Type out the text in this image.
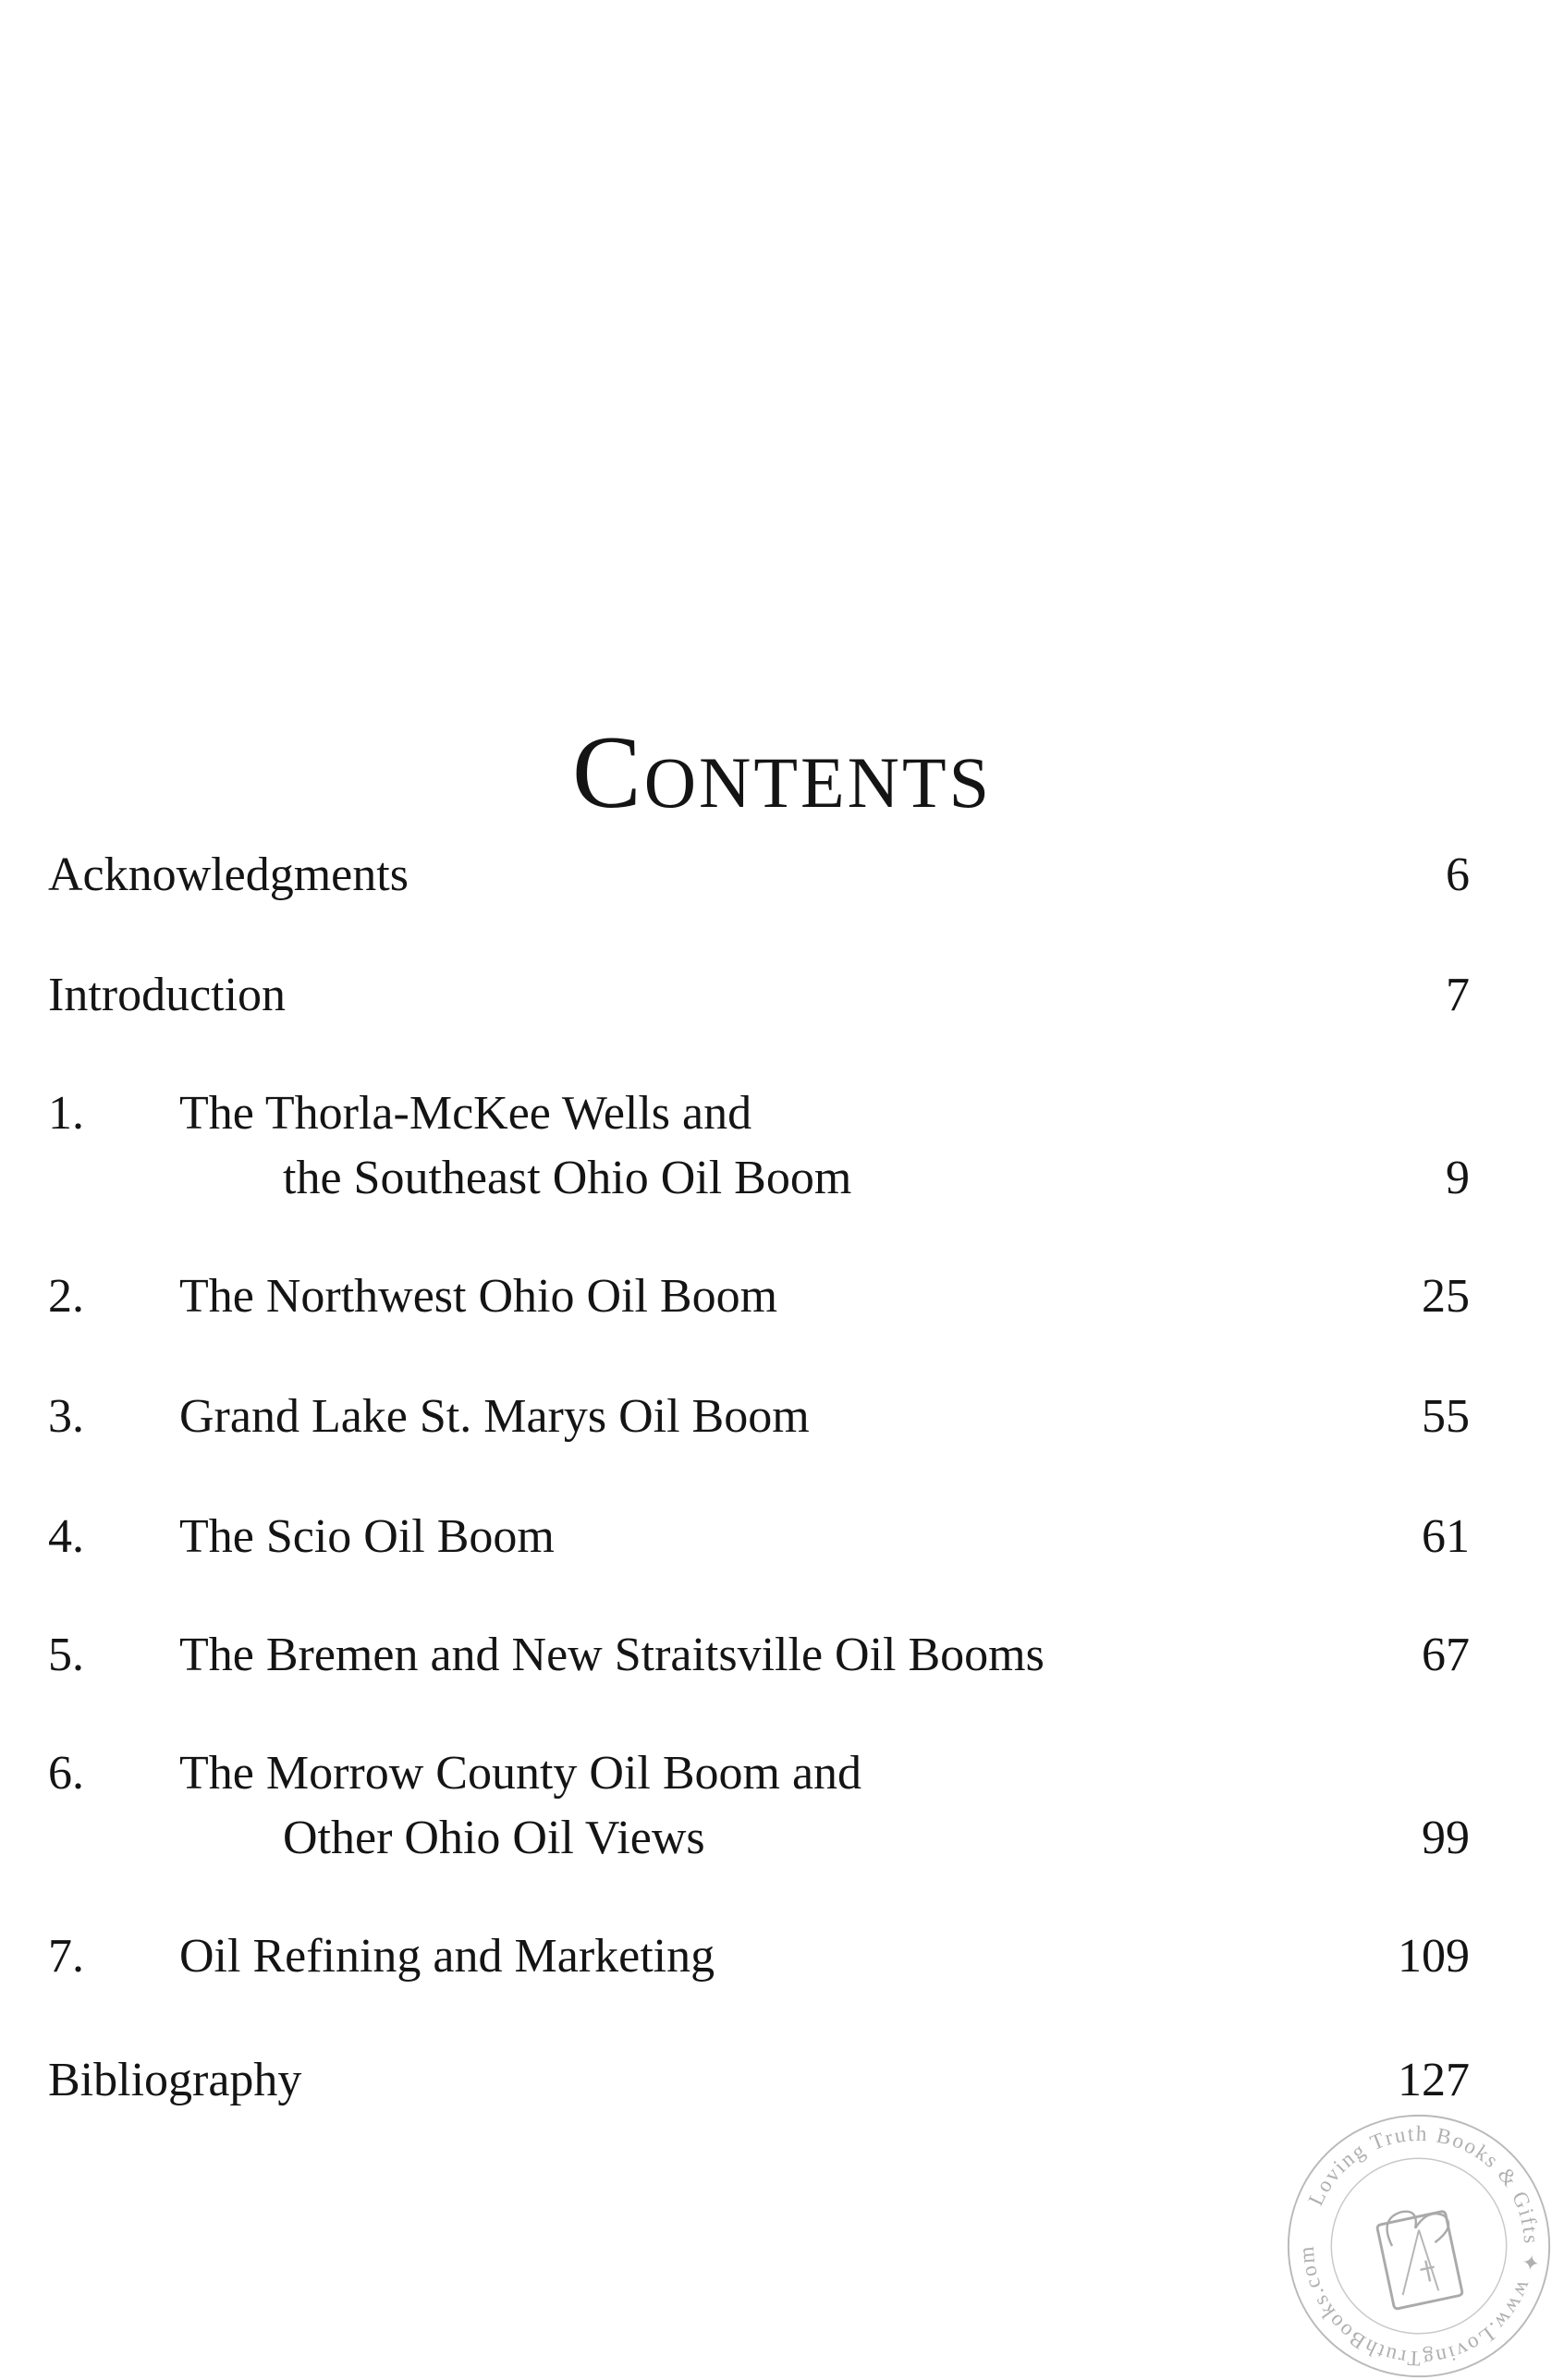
Contents
Acknowledgments	6
Introduction	7
1. The Thorla-McKee Wells and
the Southeast Ohio Oil Boom	9
2. The Northwest Ohio Oil Boom	25
3. Grand Lake St. Marys Oil Boom	55
4. The Scio Oil Boom	61
5. The Bremen and New Straitsville Oil Booms	67
6. The Morrow County Oil Boom and
Other Ohio Oil Views	99
7. Oil Refining and Marketing	109
Bibliography	127
Loving Truth Books & Gifts ✦ www.LovingTruthBooks.com
